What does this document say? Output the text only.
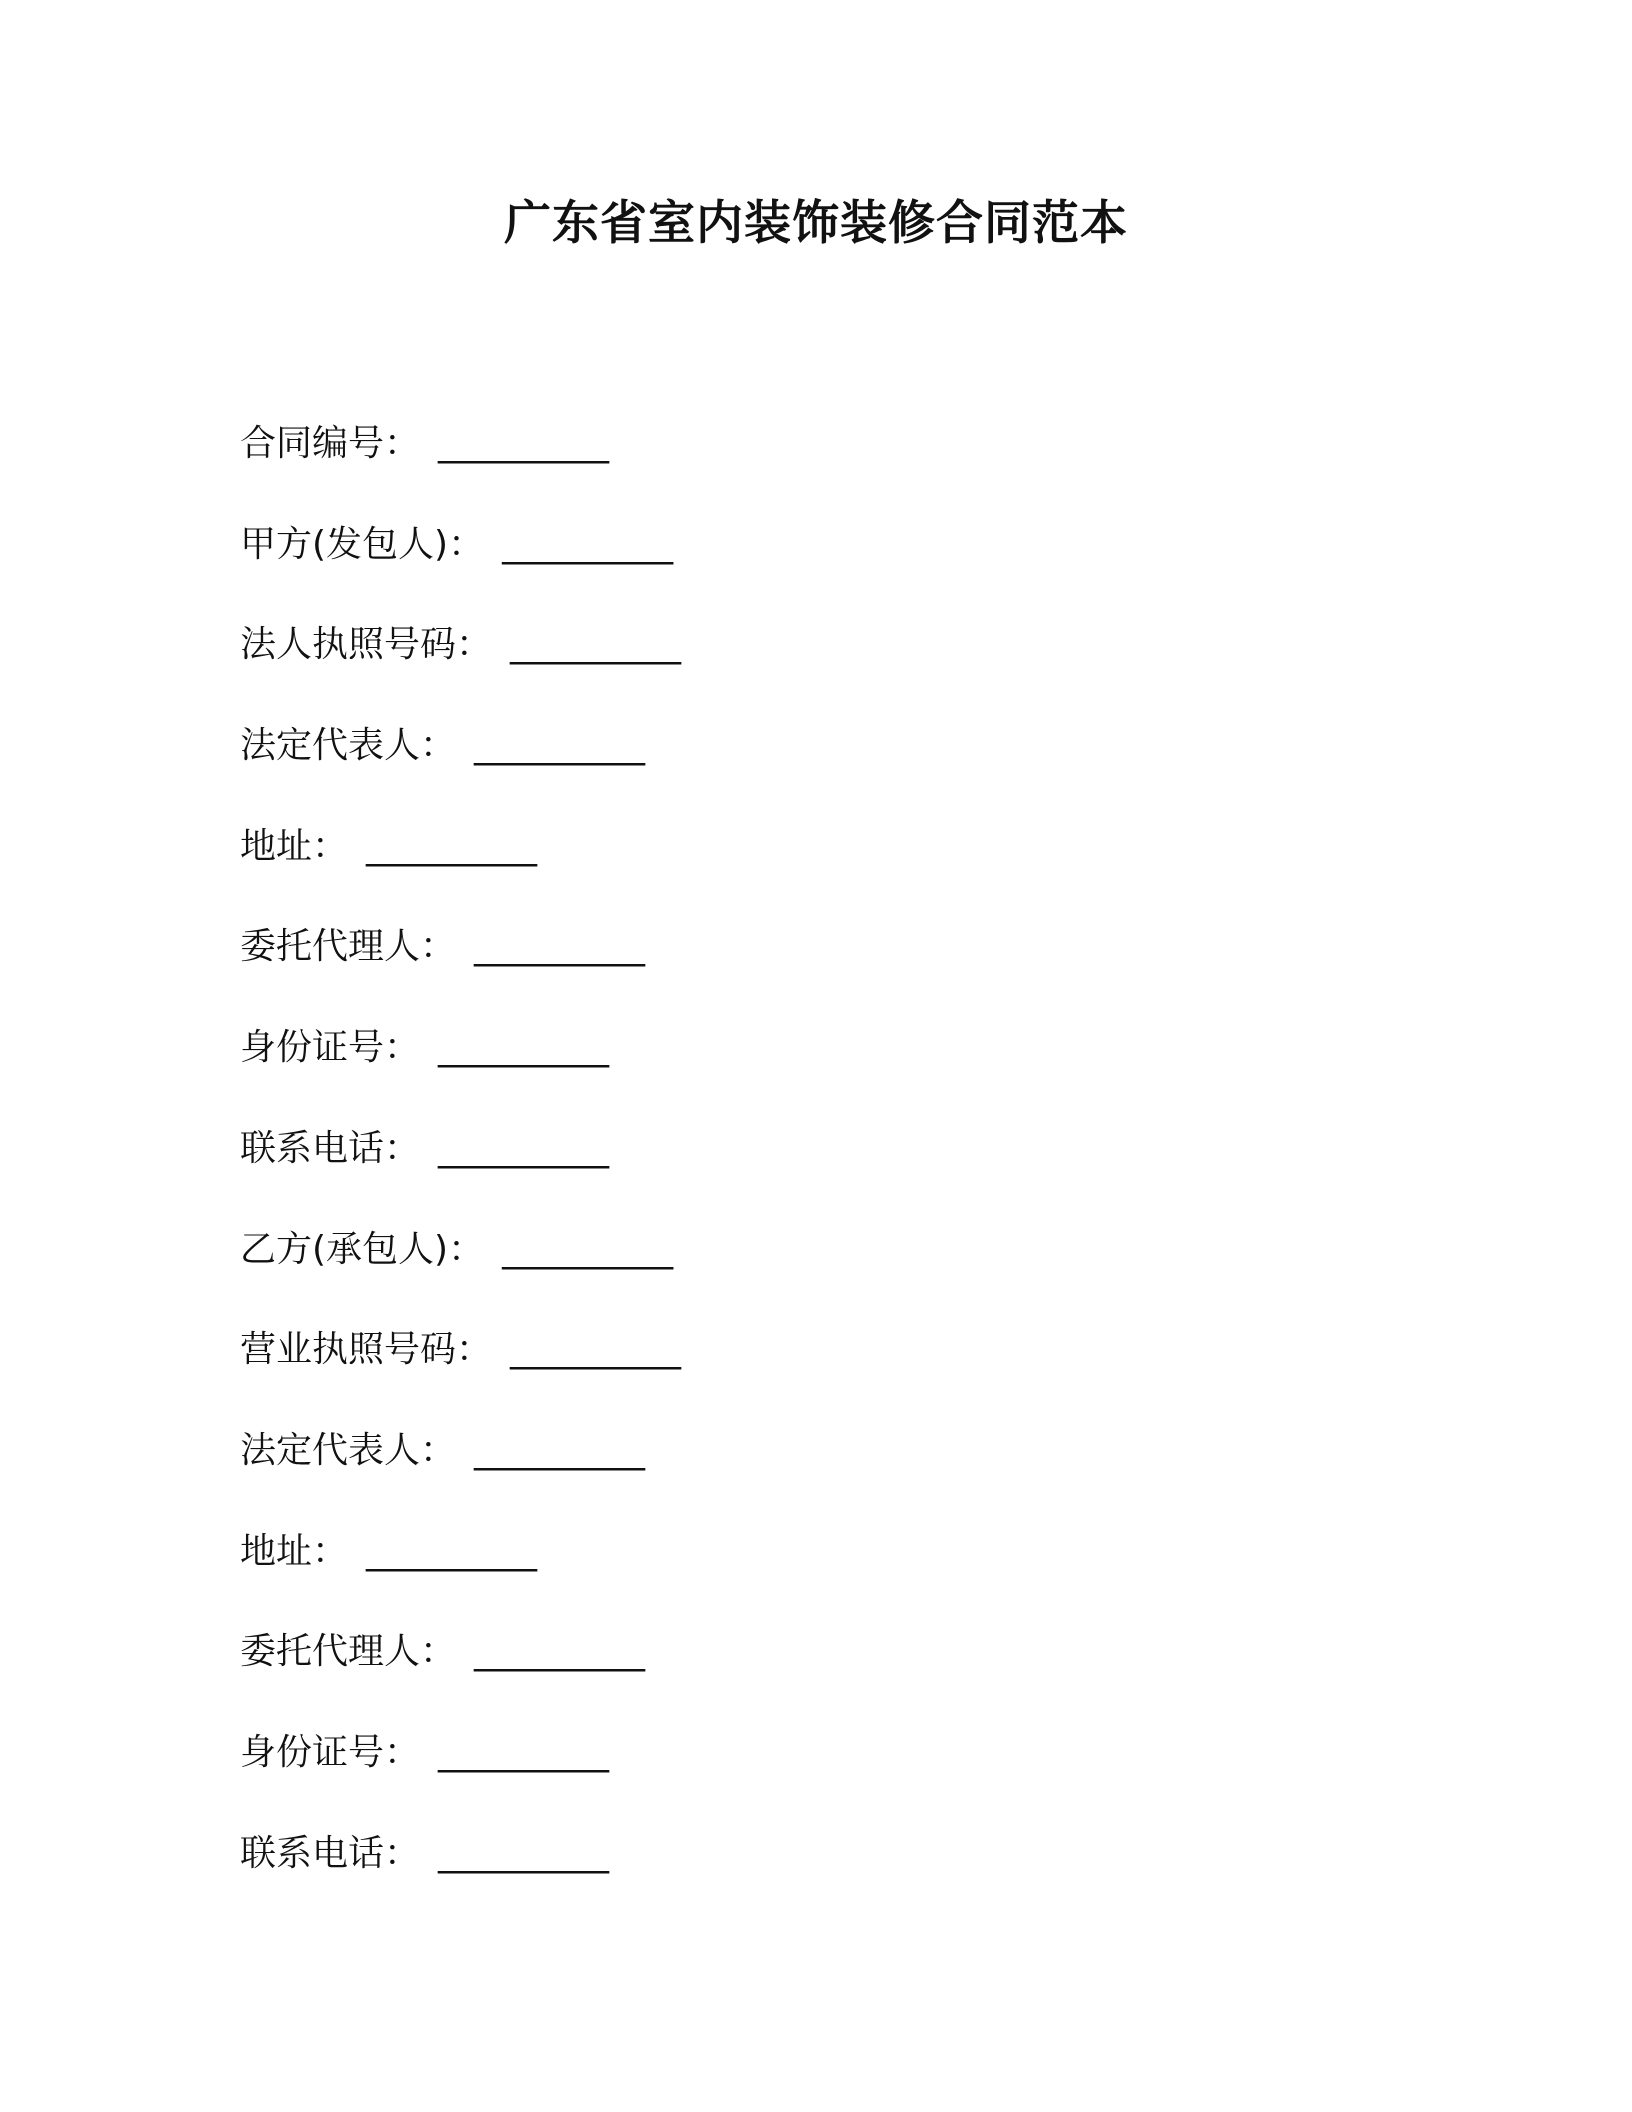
广东省室内装饰装修合同范本
合同编号： __________
甲方(发包人)： __________
法人执照号码： __________
法定代表人： __________
地址： __________
委托代理人： __________
身份证号： __________
联系电话： __________
乙方(承包人)： __________
营业执照号码： __________
法定代表人： __________
地址： __________
委托代理人： __________
身份证号： __________
联系电话： __________
